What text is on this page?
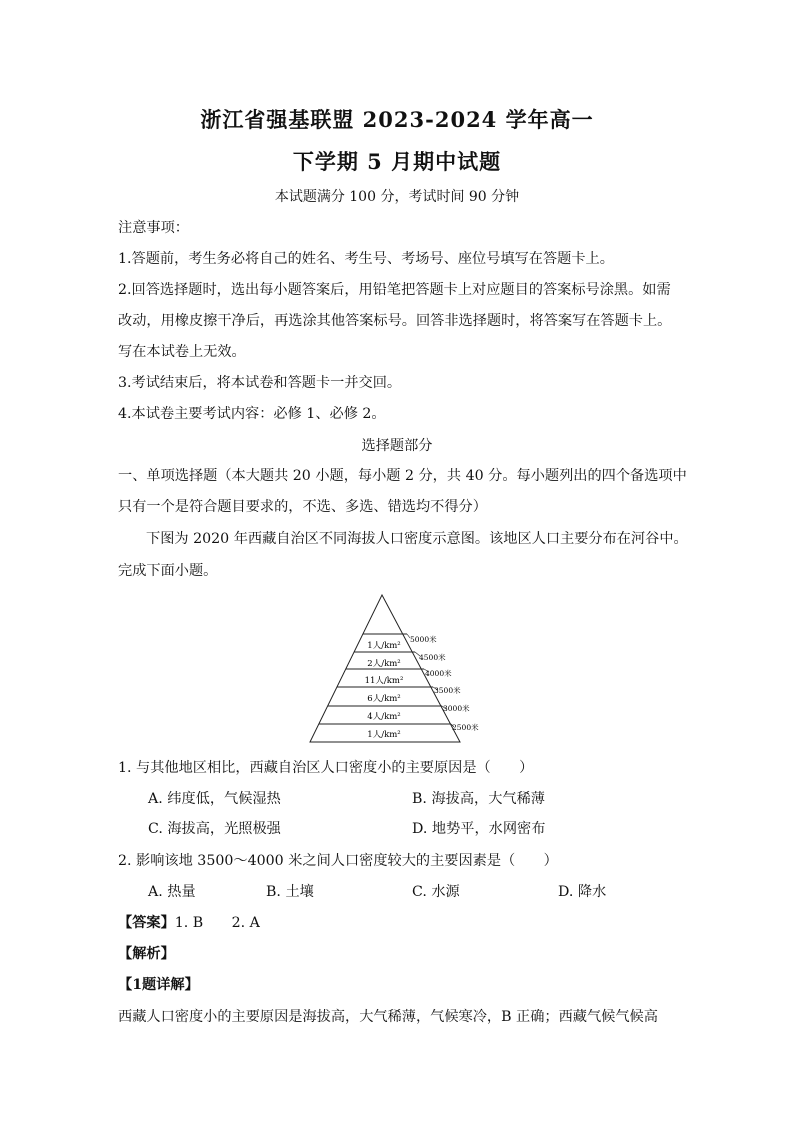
浙江省强基联盟 2023-2024 学年高一
下学期 5 月期中试题
本试题满分 100 分，考试时间 90 分钟
注意事项：
1.答题前，考生务必将自己的姓名、考生号、考场号、座位号填写在答题卡上。
2.回答选择题时，选出每小题答案后，用铅笔把答题卡上对应题目的答案标号涂黑。如需
改动，用橡皮擦干净后，再选涂其他答案标号。回答非选择题时，将答案写在答题卡上。
写在本试卷上无效。
3.考试结束后，将本试卷和答题卡一并交回。
4.本试卷主要考试内容：必修 1、必修 2。
选择题部分
一、单项选择题（本大题共 20 小题，每小题 2 分，共 40 分。每小题列出的四个备选项中
只有一个是符合题目要求的，不选、多选、错选均不得分）
下图为 2020 年西藏自治区不同海拔人口密度示意图。该地区人口主要分布在河谷中。
完成下面小题。
1人/km²
2人/km²
11人/km²
6人/km²
4人/km²
1人/km²
5000米
4500米
4000米
3500米
3000米
2500米
1. 与其他地区相比，西藏自治区人口密度小的主要原因是（　　）
A. 纬度低，气候湿热	B. 海拔高，大气稀薄
C. 海拔高，光照极强	D. 地势平，水网密布
2. 影响该地 3500～4000 米之间人口密度较大的主要因素是（　　）
A. 热量	B. 土壤	C. 水源	D. 降水
【答案】1. B　　2. A
【解析】
【1题详解】
西藏人口密度小的主要原因是海拔高，大气稀薄，气候寒冷，B 正确；西藏气候气候高
